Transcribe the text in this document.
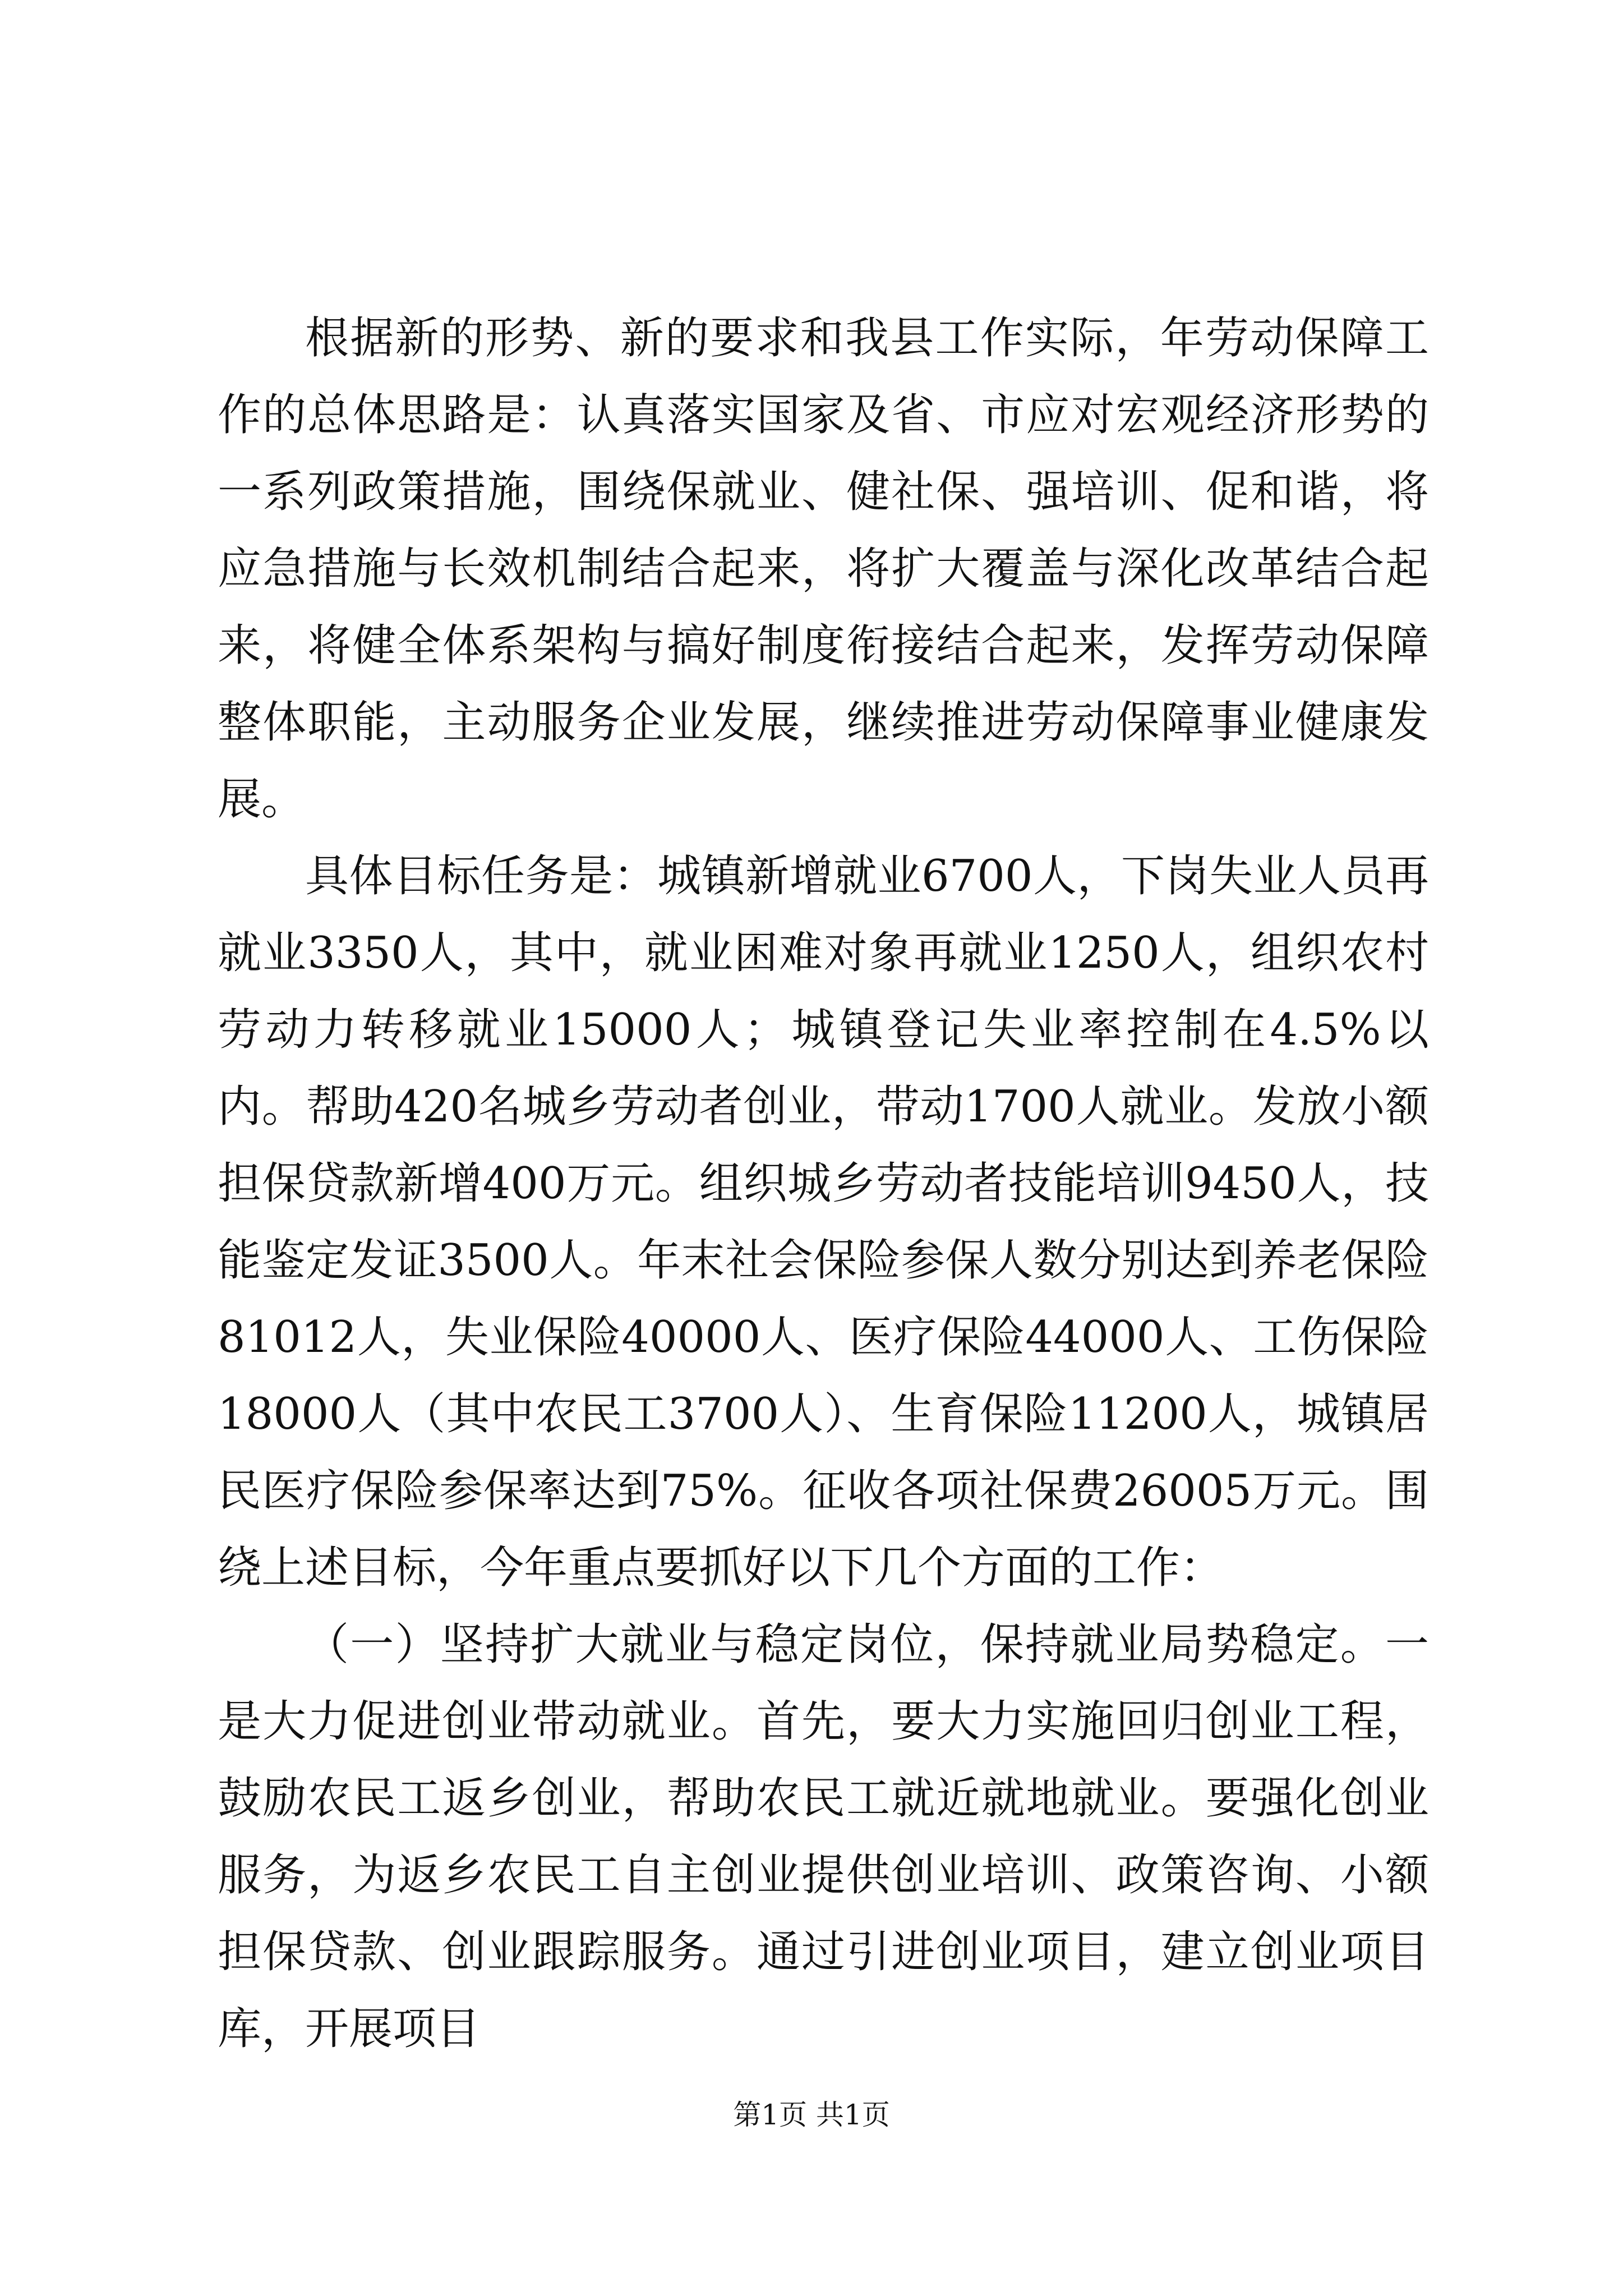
根据新的形势、新的要求和我县工作实际，年劳动保障工作的总体思路是：认真落实国家及省、市应对宏观经济形势的一系列政策措施，围绕保就业、健社保、强培训、促和谐，将应急措施与长效机制结合起来，将扩大覆盖与深化改革结合起来，将健全体系架构与搞好制度衔接结合起来，发挥劳动保障整体职能，主动服务企业发展，继续推进劳动保障事业健康发展。

具体目标任务是：城镇新增就业6700人，下岗失业人员再就业3350人，其中，就业困难对象再就业1250人，组织农村劳动力转移就业15000人；城镇登记失业率控制在4.5%以内。帮助420名城乡劳动者创业，带动1700人就业。发放小额担保贷款新增400万元。组织城乡劳动者技能培训9450人，技能鉴定发证3500人。年末社会保险参保人数分别达到养老保险81012人，失业保险40000人、医疗保险44000人、工伤保险18000人（其中农民工3700人）、生育保险11200人，城镇居民医疗保险参保率达到75%。征收各项社保费26005万元。围绕上述目标，今年重点要抓好以下几个方面的工作：

（一）坚持扩大就业与稳定岗位，保持就业局势稳定。一是大力促进创业带动就业。首先，要大力实施回归创业工程，鼓励农民工返乡创业，帮助农民工就近就地就业。要强化创业服务，为返乡农民工自主创业提供创业培训、政策咨询、小额担保贷款、创业跟踪服务。通过引进创业项目，建立创业项目库，开展项目

第1页 共1页
